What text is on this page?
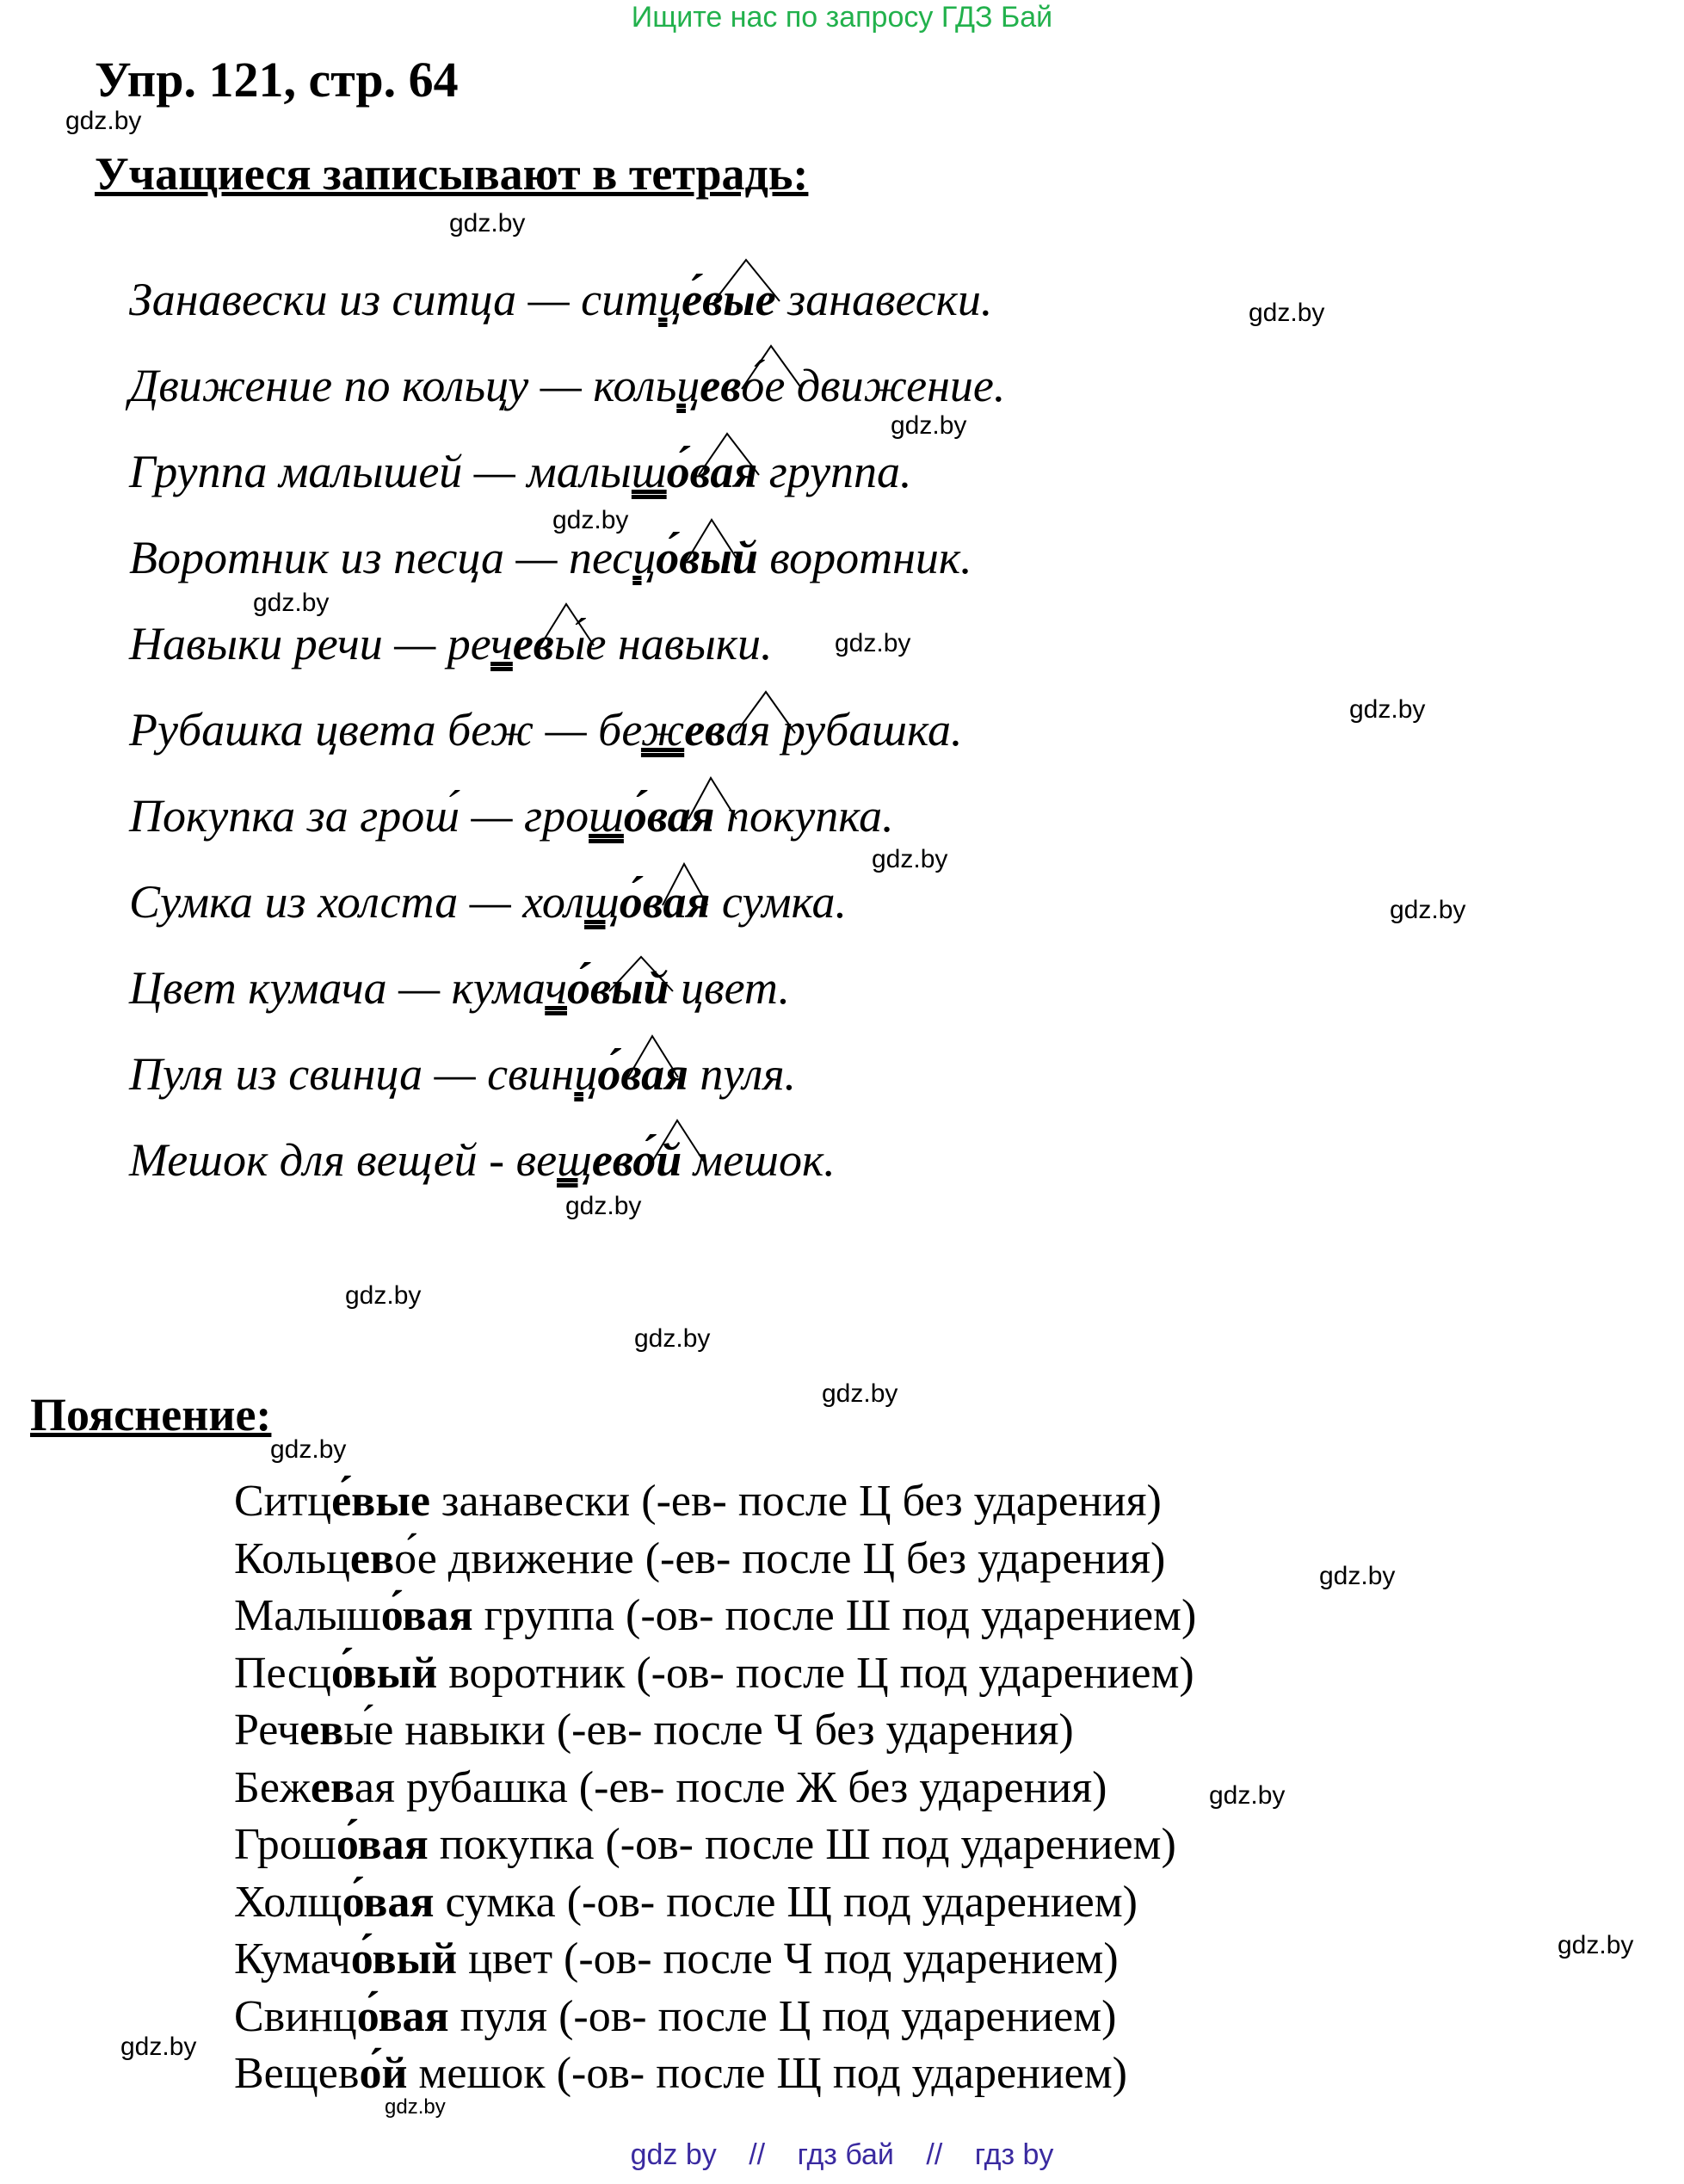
Ищите нас по запросу ГДЗ Бай
Упр. 121, стр. 64
gdz.by
Учащиеся записывают в тетрадь:
gdz.by
Занавески из ситца — ситце́вые занавески.
Движение по кольцу — кольцево́е движение.
Группа малышей — малышо́вая группа.
Воротник из песца — песцо́вый воротник.
Навыки речи — речевы́е навыки.
Рубашка цвета беж — бежевая рубашка.
Покупка за грош́ — грошо́вая покупка.
Сумка из холста — холщо́вая сумка.
Цвет кумача — кумачо́вый цвет.
Пуля из свинца — свинцо́вая пуля.
Мешок для вещей - вещево́й мешок.
gdz.by
gdz.by
gdz.by
gdz.by
gdz.by
gdz.by
gdz.by
gdz.by
gdz.by
gdz.by
gdz.by
gdz.by
Пояснение:
gdz.by
Ситце́вые занавески (-ев- после Ц без ударения)
Кольцево́е движение (-ев- после Ц без ударения)
Малышо́вая группа (-ов- после Ш под ударением)
Песцо́вый воротник (-ов- после Ц под ударением)
Речевы́е навыки (-ев- после Ч без ударения)
Бежевая рубашка (-ев- после Ж без ударения)
Грошо́вая покупка (-ов- после Ш под ударением)
Холщо́вая сумка (-ов- после Щ под ударением)
Кумачо́вый цвет (-ов- после Ч под ударением)
Свинцо́вая пуля (-ов- после Ц под ударением)
Вещево́й мешок (-ов- после Щ под ударением)
gdz.by
gdz.by
gdz.by
gdz.by
gdz.by
gdz by // гдз бай // гдз by
